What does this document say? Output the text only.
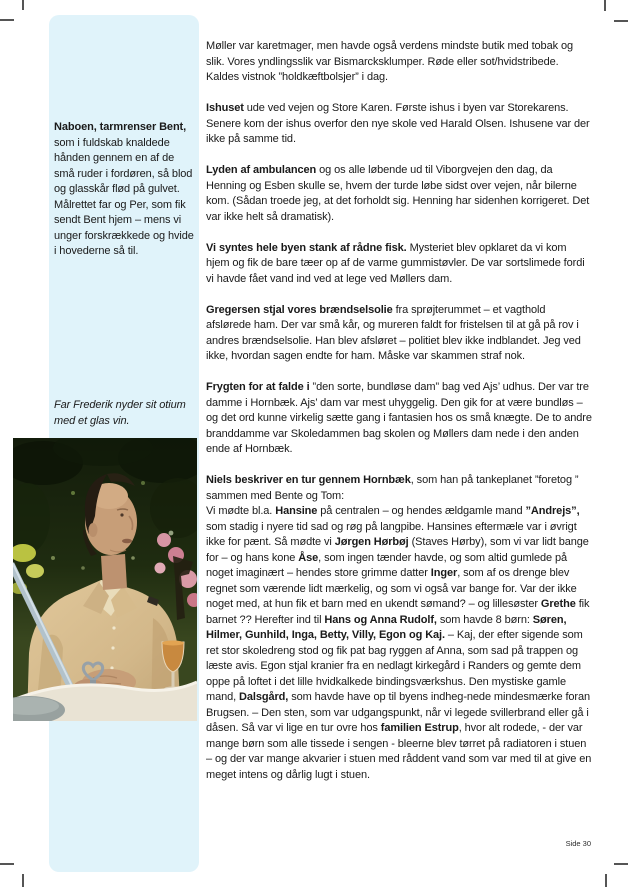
Naboen, tarmrenser Bent, som i fuldskab knaldede hånden gennem en af de små ruder i fordøren, så blod og glasskår flød på gulvet. Målrettet far og Per, som fik sendt Bent hjem – mens vi unger forskrækkede og hvide i hovederne så til.
Far Frederik nyder sit otium med et glas vin.

Møller var karetmager, men havde også verdens mindste butik med tobak og slik. Vores yndlingsslik var Bismarcksklumper. Røde eller sot/hvidstribede. Kaldes vistnok ”holdkæftbolsjer” i dag.

Ishuset ude ved vejen og Store Karen. Første ishus i byen var Storekarens. Senere kom der ishus overfor den nye skole ved Harald Olsen. Ishusene var der ikke på samme tid.

Lyden af ambulancen og os alle løbende ud til Viborgvejen den dag, da Henning og Esben skulle se, hvem der turde løbe sidst over vejen, når bilerne kom. (Sådan troede jeg, at det forholdt sig. Henning har sidenhen korrigeret. Det var ikke helt så dramatisk).

Vi syntes hele byen stank af rådne fisk. Mysteriet blev opklaret da vi kom hjem og fik de bare tæer op af de varme gummistøvler. De var sortslimede fordi vi havde fået vand ind ved at lege ved Møllers dam.

Gregersen stjal vores brændselsolie fra sprøjterummet – et vagthold afslørede ham. Der var små kår, og mureren faldt for fristelsen til at gå på rov i andres brændselsolie. Han blev afsløret – politiet blev ikke indblandet. Jeg ved ikke, hvordan sagen endte for ham. Måske var skammen straf nok.

Frygten for at falde i ”den sorte, bundløse dam” bag ved Ajs’ udhus. Der var tre damme i Hornbæk. Ajs’ dam var mest uhyggelig. Den gik for at være bundløs – og det ord kunne virkelig sætte gang i fantasien hos os små knægte. De to andre branddamme var Skoledammen bag skolen og Møllers dam nede i den anden ende af Hornbæk.

Niels beskriver en tur gennem Hornbæk, som han på tankeplanet ”foretog ” sammen med Bente og Tom:
Vi mødte bl.a. Hansine på centralen – og hendes ældgamle mand ”Andrejs”, som stadig i nyere tid sad og røg på langpibe. Hansines eftermæle var i øvrigt ikke for pænt. Så mødte vi Jørgen Hørbøj (Staves Hørby), som vi var lidt bange for – og hans kone Åse, som ingen tænder havde, og som altid gumlede på noget imaginært – hendes store grimme datter Inger, som af os drenge blev regnet som værende lidt mærkelig, og som vi også var bange for. Var der ikke noget med, at hun fik et barn med en ukendt sømand? – og lillesøster Grethe fik barnet ?? Herefter ind til Hans og Anna Rudolf, som havde 8 børn: Søren, Hilmer, Gunhild, Inga, Betty, Villy, Egon og Kaj. – Kaj, der efter sigende som ret stor skoledreng stod og fik pat bag ryggen af Anna, som sad på trappen og læste avis. Egon stjal kranier fra en nedlagt kirkegård i Randers og gemte dem oppe på loftet i det lille hvidkalkede bindingsværkshus. Den mystiske gamle mand, Dalsgård, som havde have op til byens indheg-nede mindesmærke foran Brugsen. – Den sten, som var udgangspunkt, når vi legede svillerbrand eller gå i dåsen. Så var vi lige en tur ovre hos familien Estrup, hvor alt rodede, - der var mange børn som alle tissede i sengen - bleerne blev tørret på radiatoren i stuen – og der var mange akvarier i stuen med råddent vand som var med til at give en meget intens og dårlig lugt i stuen.

Side 30
